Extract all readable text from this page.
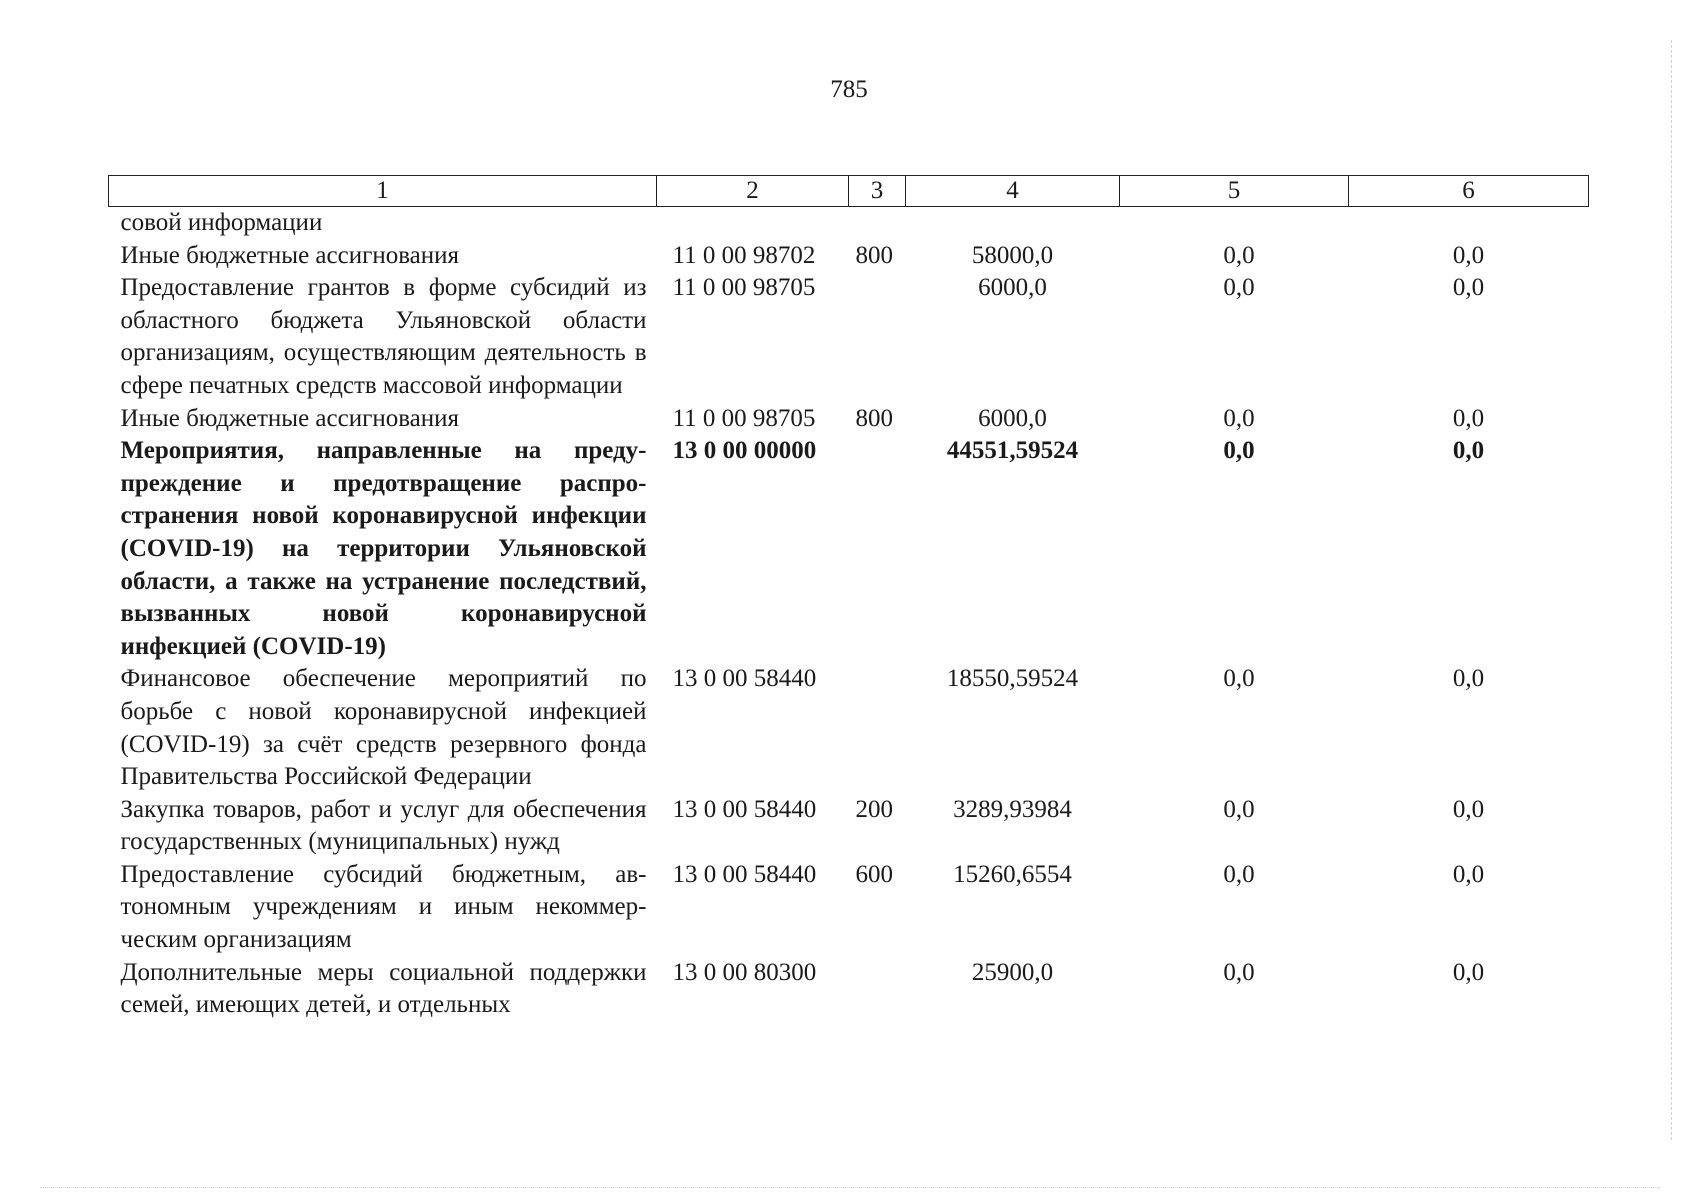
785
1	2	3	4	5	6
совой информации					
Иные бюджетные ассигнования	11 0 00 98702	800	58000,0	0,0	0,0
Предоставление грантов в форме субсидий из областного бюджета Ульяновской области организациям, осуществляющим деятельность в сфере печатных средств массовой информации	11 0 00 98705		6000,0	0,0	0,0
Иные бюджетные ассигнования	11 0 00 98705	800	6000,0	0,0	0,0
Мероприятия, направленные на предупреждение и предотвращение распространения новой коронавирусной инфекции (COVID-19) на территории Ульяновской области, а также на устранение последствий, вызванных новой коронавирусной инфекцией (COVID-19)	13 0 00 00000		44551,59524	0,0	0,0
Финансовое обеспечение мероприятий по борьбе с новой коронавирусной инфекцией (COVID-19) за счёт средств резервного фонда Правительства Российской Федерации	13 0 00 58440		18550,59524	0,0	0,0
Закупка товаров, работ и услуг для обеспечения государственных (муниципальных) нужд	13 0 00 58440	200	3289,93984	0,0	0,0
Предоставление субсидий бюджетным, автономным учреждениям и иным некоммерческим организациям	13 0 00 58440	600	15260,6554	0,0	0,0
Дополнительные меры социальной поддержки семей, имеющих детей, и отдельных	13 0 00 80300		25900,0	0,0	0,0
